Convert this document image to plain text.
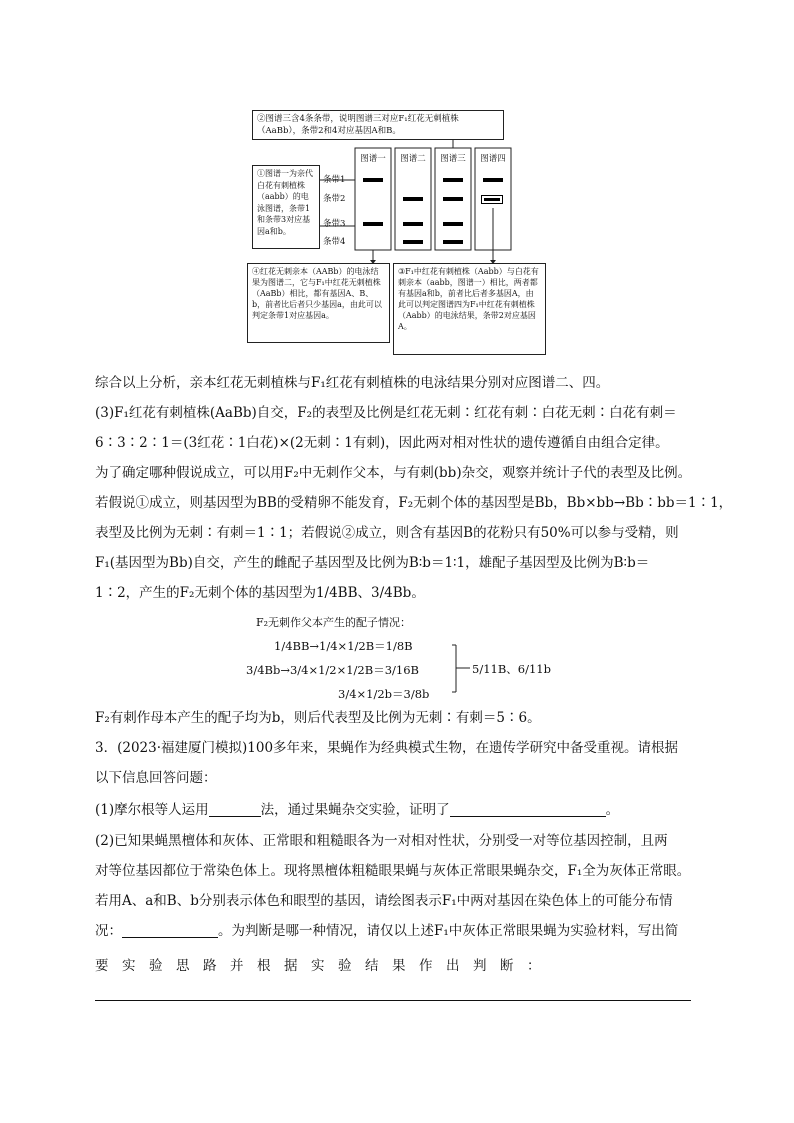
②图谱三含4条条带，说明图谱三对应F₁红花无刺植株（AaBb），条带2和4对应基因A和B。
①图谱一为亲代白花有刺植株（aabb）的电泳图谱，条带1和条带3对应基因a和b。
④红花无刺亲本（AABb）的电泳结果为图谱二，它与F₁中红花无刺植株（AaBb）相比，都有基因A、B、b，前者比后者只少基因a，由此可以判定条带1对应基因a。
③F₁中红花有刺植株（Aabb）与白花有刺亲本（aabb，图谱一）相比，两者都有基因a和b，前者比后者多基因A，由此可以判定图谱四为F₁中红花有刺植株（Aabb）的电泳结果，条带2对应基因A。
图谱一	图谱二	图谱三	图谱四
条带1
条带2
条带3
条带4
综合以上分析，亲本红花无刺植株与F₁红花有刺植株的电泳结果分别对应图谱二、四。
(3)F₁红花有刺植株(AaBb)自交，F₂的表型及比例是红花无刺∶红花有刺∶白花无刺∶白花有刺＝
6∶3∶2∶1＝(3红花∶1白花)×(2无刺∶1有刺)，因此两对相对性状的遗传遵循自由组合定律。
为了确定哪种假说成立，可以用F₂中无刺作父本，与有刺(bb)杂交，观察并统计子代的表型及比例。
若假说①成立，则基因型为BB的受精卵不能发育，F₂无刺个体的基因型是Bb，Bb×bb→Bb∶bb＝1∶1，
表型及比例为无刺∶有刺＝1∶1；若假说②成立，则含有基因B的花粉只有50%可以参与受精，则
F₁(基因型为Bb)自交，产生的雌配子基因型及比例为B∶b＝1∶1，雄配子基因型及比例为B∶b＝
1∶2，产生的F₂无刺个体的基因型为1/4BB、3/4Bb。
F₂无刺作父本产生的配子情况：
1/4BB→1/4×1/2B＝1/8B
3/4Bb→3/4×1/2×1/2B＝3/16B
3/4×1/2b＝3/8b
5/11B、6/11b
F₂有刺作母本产生的配子均为b，则后代表型及比例为无刺∶有刺＝5∶6。
3．(2023·福建厦门模拟)100多年来，果蝇作为经典模式生物，在遗传学研究中备受重视。请根据
以下信息回答问题：
(1)摩尔根等人运用	法，通过果蝇杂交实验，证明了	。
(2)已知果蝇黑檀体和灰体、正常眼和粗糙眼各为一对相对性状，分别受一对等位基因控制，且两
对等位基因都位于常染色体上。现将黑檀体粗糙眼果蝇与灰体正常眼果蝇杂交，F₁全为灰体正常眼。
若用A、a和B、b分别表示体色和眼型的基因，请绘图表示F₁中两对基因在染色体上的可能分布情
况：	。为判断是哪一种情况，请仅以上述F₁中灰体正常眼果蝇为实验材料，写出简
要　实　验　思　路　并　根　据　实　验　结　果　作　出　判　断　：
